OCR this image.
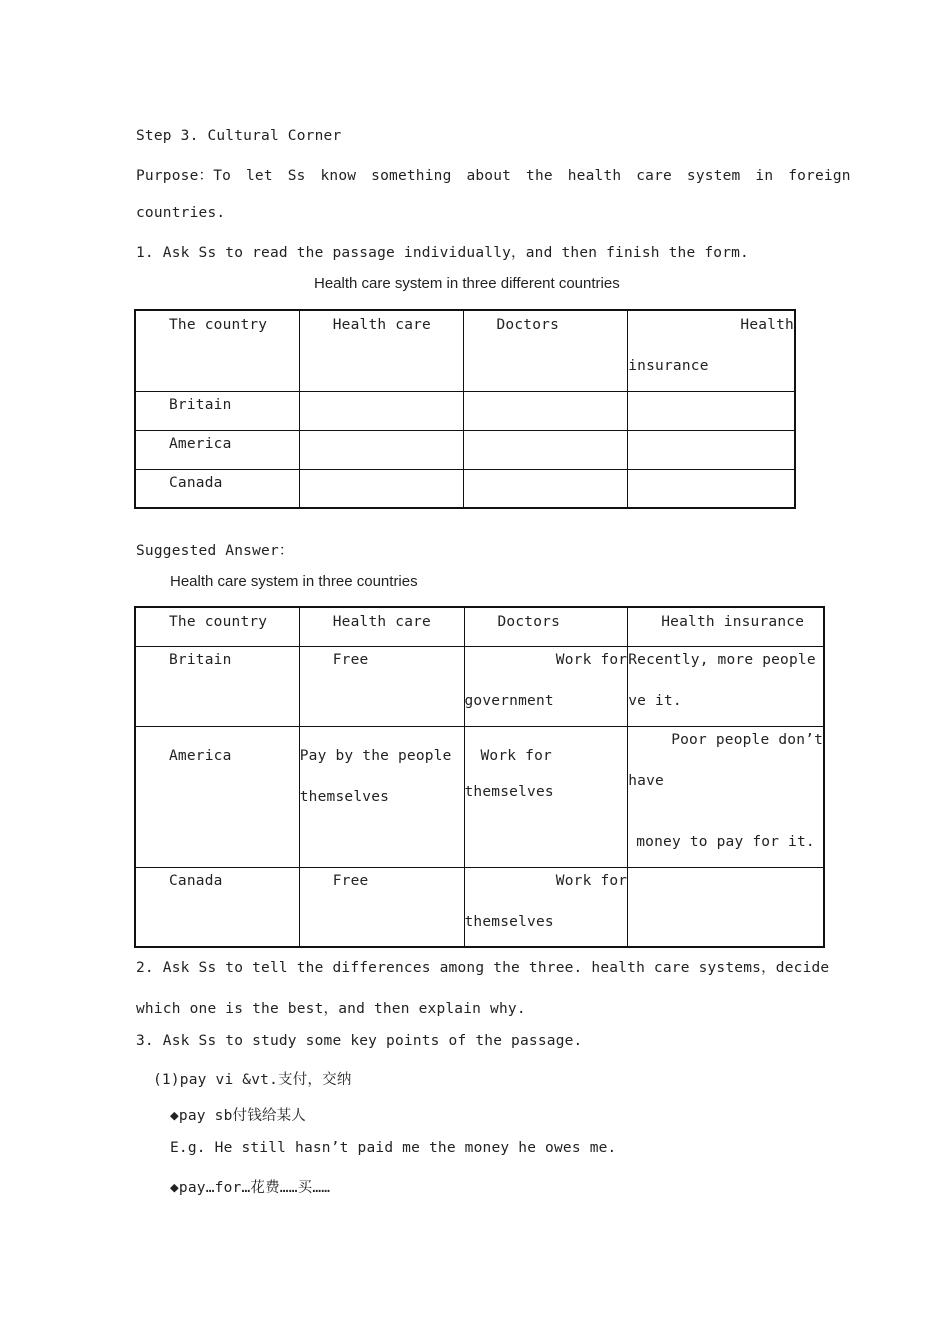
Step 3. Cultural Corner
Purpose：To let Ss know something about the health care system in foreign
countries.
1. Ask Ss to read the passage individually，and then finish the form.
Health care system in three different countries
The country	Health care	Doctors	Health
insurance

Britain			

America			

Canada			

Suggested Answer：
Health care system in three countries
The country	Health care	Doctors	Health insurance

Britain	Free	Work for
government	Recently, more people
ve it.

America	Pay by the people
themselves	Work for
themselves	Poor people don’t
have
money to pay for it.

Canada	Free	Work for
themselves	

2. Ask Ss to tell the differences among the three. health care systems，decide
which one is the best，and then explain why.
3. Ask Ss to study some key points of the passage.
(1)pay vi &vt.支付，交纳
◆pay sb付钱给某人
E.g. He still hasn’t paid me the money he owes me.
◆pay…for…花费……买……
